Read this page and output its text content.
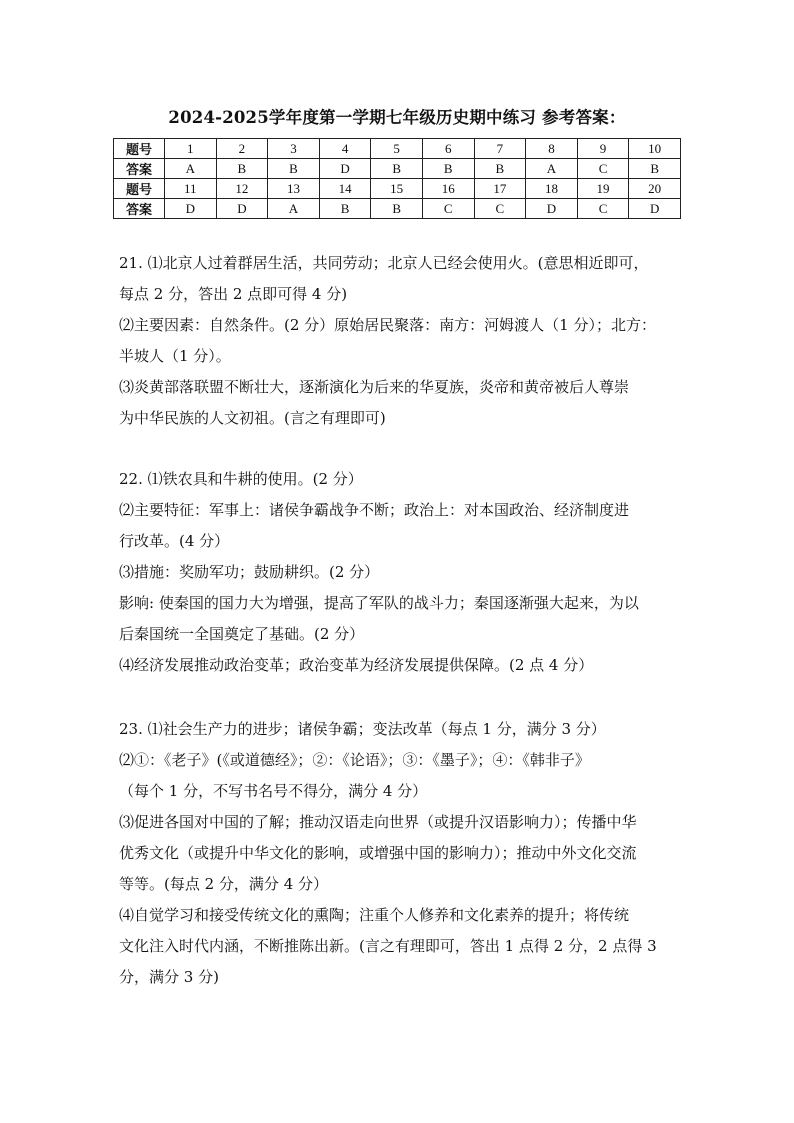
2024-2025学年度第一学期七年级历史期中练习 参考答案：
题号	1	2	3	4	5	6	7	8	9	10
答案	A	B	B	D	B	B	B	A	C	B
题号	11	12	13	14	15	16	17	18	19	20
答案	D	D	A	B	B	C	C	D	C	D
21. ⑴北京人过着群居生活，共同劳动；北京人已经会使用火。(意思相近即可，
每点 2 分，答出 2 点即可得 4 分)
⑵主要因素：自然条件。(2 分）原始居民聚落：南方：河姆渡人（1 分）；北方：
半坡人（1 分）。
⑶炎黄部落联盟不断壮大，逐渐演化为后来的华夏族，炎帝和黄帝被后人尊崇
为中华民族的人文初祖。(言之有理即可)
22. ⑴铁农具和牛耕的使用。(2 分）
⑵主要特征：军事上：诸侯争霸战争不断；政治上：对本国政治、经济制度进
行改革。(4 分）
⑶措施：奖励军功；鼓励耕织。(2 分）
影响: 使秦国的国力大为增强，提高了军队的战斗力；秦国逐渐强大起来，为以
后秦国统一全国奠定了基础。(2 分）
⑷经济发展推动政治变革；政治变革为经济发展提供保障。(2 点 4 分）
23. ⑴社会生产力的进步；诸侯争霸；变法改革（每点 1 分，满分 3 分）
⑵①：《老子》(《或道德经》；②：《论语》；③：《墨子》；④：《韩非子》
（每个 1 分，不写书名号不得分，满分 4 分）
⑶促进各国对中国的了解；推动汉语走向世界（或提升汉语影响力）；传播中华
优秀文化（或提升中华文化的影响，或增强中国的影响力）；推动中外文化交流
等等。(每点 2 分，满分 4 分）
⑷自觉学习和接受传统文化的熏陶；注重个人修养和文化素养的提升；将传统
文化注入时代内涵，不断推陈出新。(言之有理即可，答出 1 点得 2 分，2 点得 3
分，满分 3 分)
